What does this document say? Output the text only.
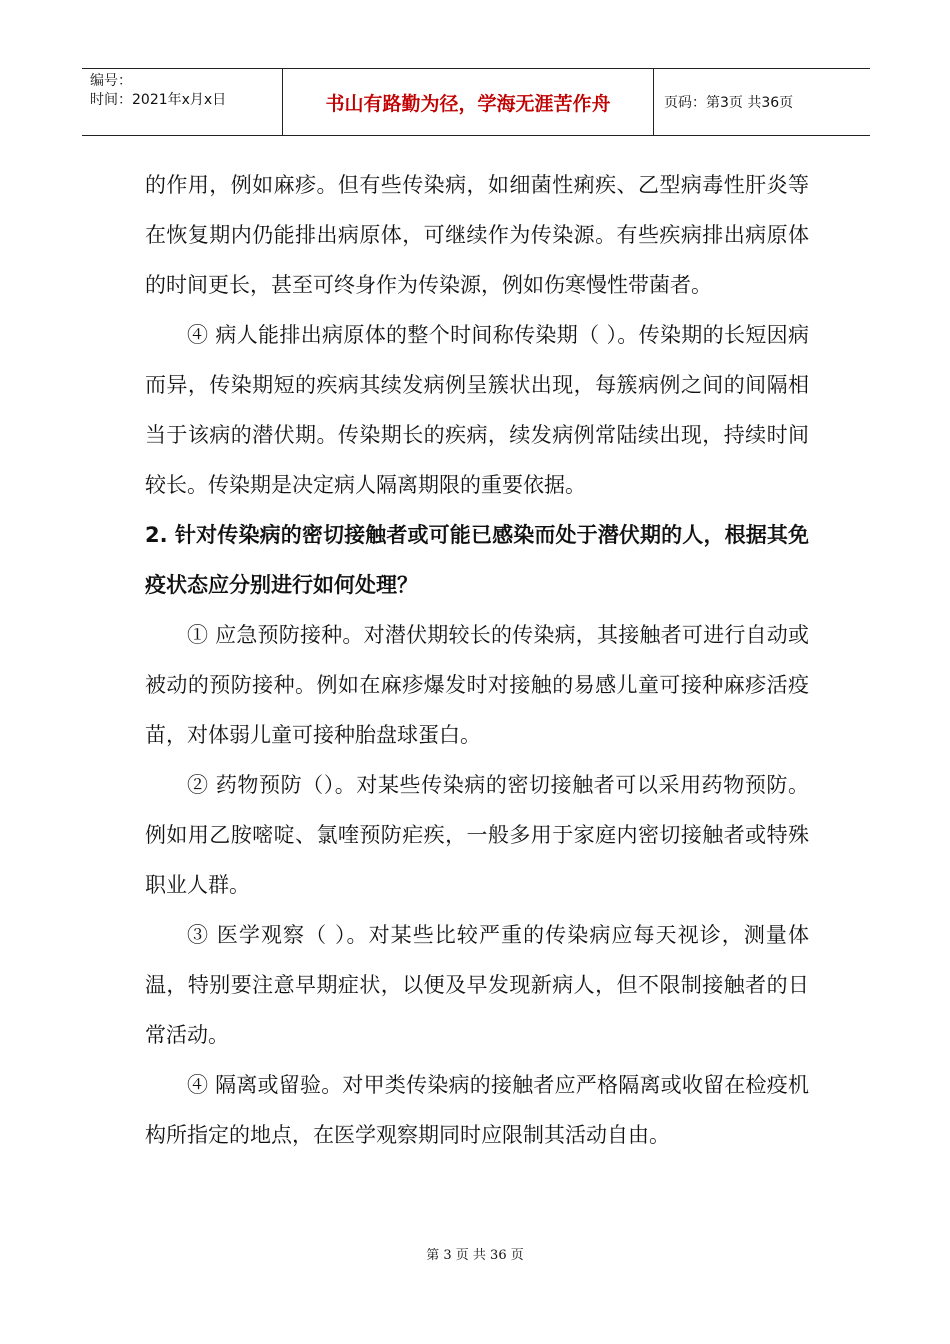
编号：
时间：2021年x月x日	书山有路勤为径，学海无涯苦作舟	页码：第3页 共36页

的作用，例如麻疹。但有些传染病，如细菌性痢疾、乙型病毒性肝炎等在恢复期内仍能排出病原体，可继续作为传染源。有些疾病排出病原体的时间更长，甚至可终身作为传染源，例如伤寒慢性带菌者。

④ 病人能排出病原体的整个时间称传染期（ ）。传染期的长短因病而异，传染期短的疾病其续发病例呈簇状出现，每簇病例之间的间隔相当于该病的潜伏期。传染期长的疾病，续发病例常陆续出现，持续时间较长。传染期是决定病人隔离期限的重要依据。

2. 针对传染病的密切接触者或可能已感染而处于潜伏期的人，根据其免疫状态应分别进行如何处理？

① 应急预防接种。对潜伏期较长的传染病，其接触者可进行自动或被动的预防接种。例如在麻疹爆发时对接触的易感儿童可接种麻疹活疫苗，对体弱儿童可接种胎盘球蛋白。

② 药物预防（）。对某些传染病的密切接触者可以采用药物预防。例如用乙胺嘧啶、氯喹预防疟疾，一般多用于家庭内密切接触者或特殊职业人群。

③ 医学观察（ ）。对某些比较严重的传染病应每天视诊，测量体温，特别要注意早期症状，以便及早发现新病人，但不限制接触者的日常活动。

④ 隔离或留验。对甲类传染病的接触者应严格隔离或收留在检疫机构所指定的地点，在医学观察期同时应限制其活动自由。

第 3 页 共 36 页
